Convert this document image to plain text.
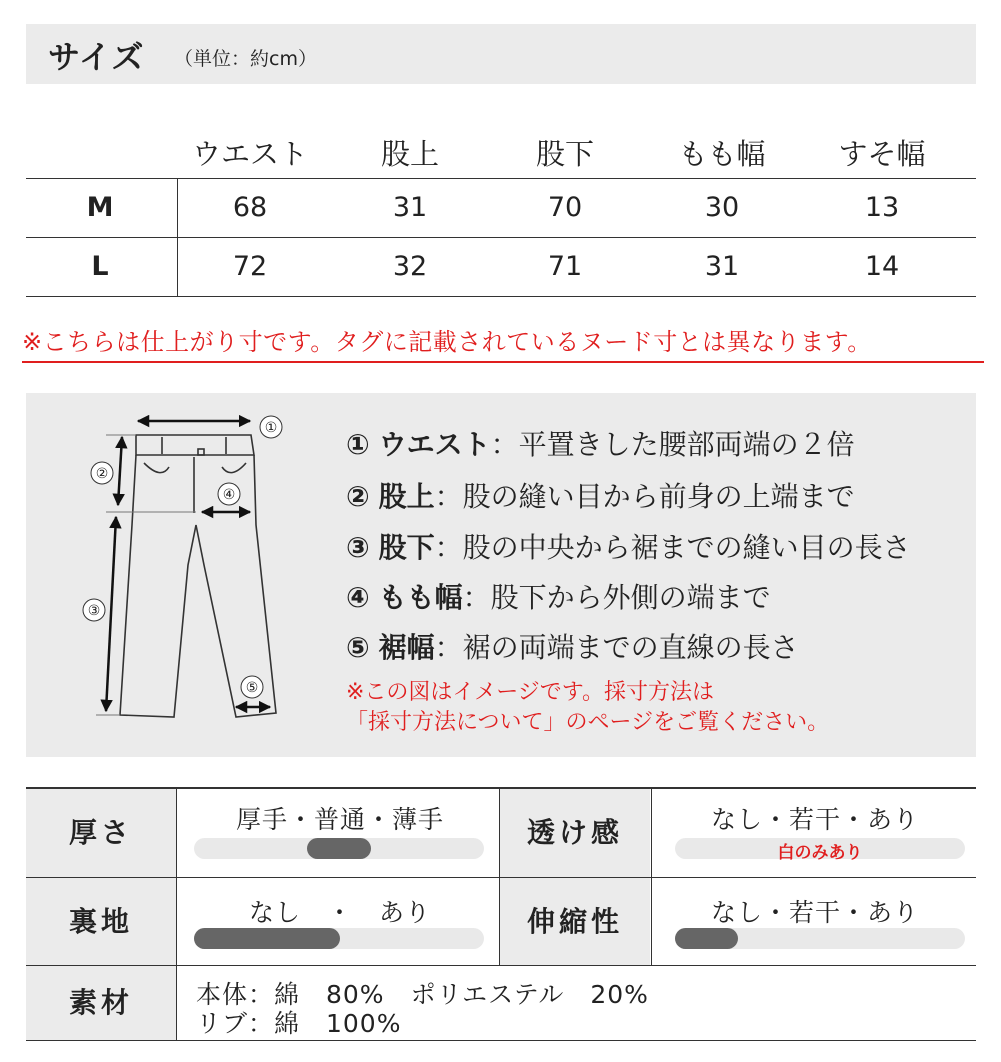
サイズ （単位：約cm）
ウエスト	股上	股下	もも幅	すそ幅
M	68	31	70	30	13
L	72	32	71	31	14
※こちらは仕上がり寸です。タグに記載されているヌード寸とは異なります。
①
②
③
④
⑤
① ウエスト：平置きした腰部両端の２倍
② 股上：股の縫い目から前身の上端まで
③ 股下：股の中央から裾までの縫い目の長さ
④ もも幅：股下から外側の端まで
⑤ 裾幅：裾の両端までの直線の長さ
※この図はイメージです。採寸方法は
「採寸方法について」のページをご覧ください。
厚さ	厚手・普通・薄手	透け感	なし・若干・あり
白のみあり
裏地	なし　・　あり	伸縮性	なし・若干・あり
素材	本体：綿　80%　ポリエステル　20%
リブ：綿　100%
